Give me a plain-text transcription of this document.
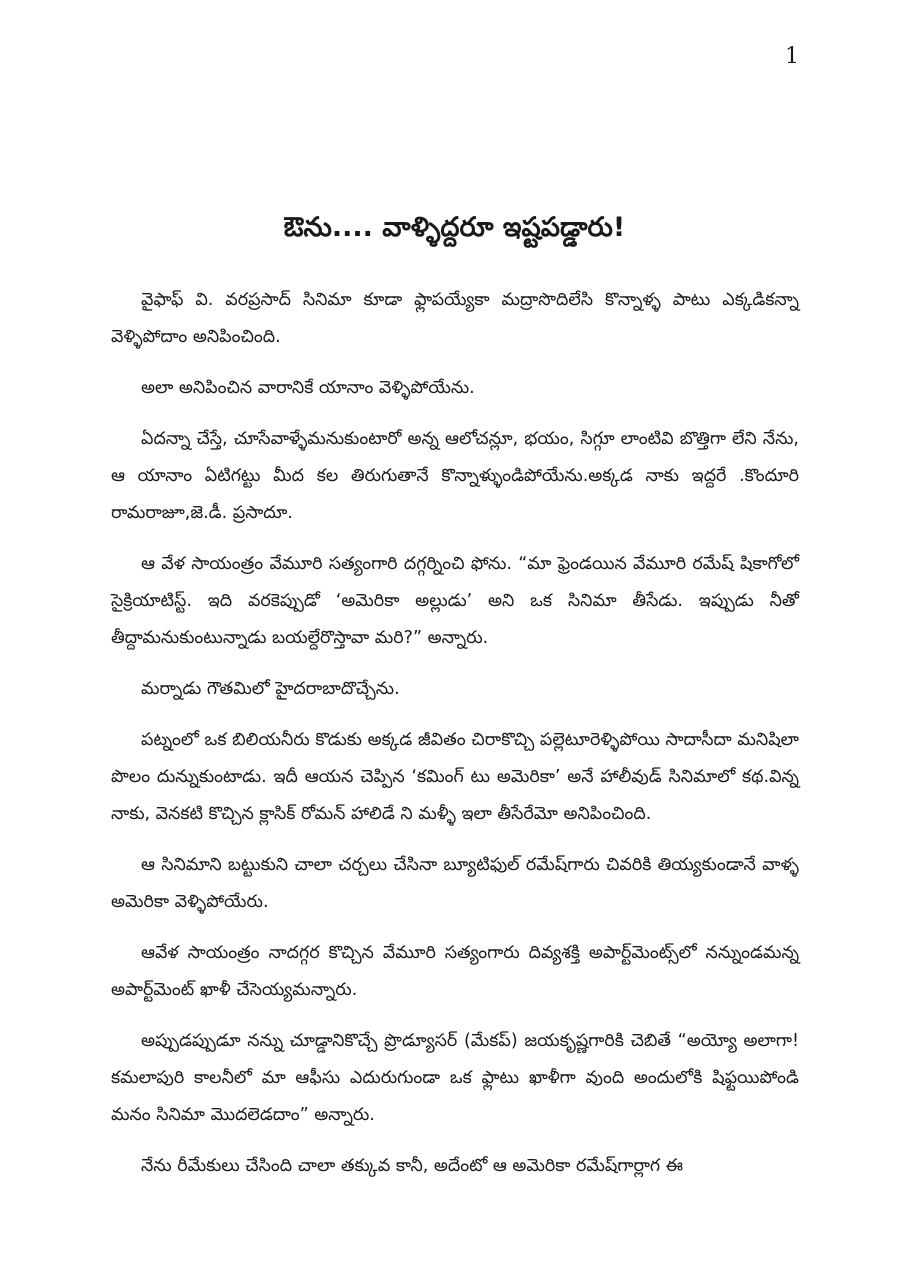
1
ఔను.... వాళ్ళిద్దరూ ఇష్టపడ్డారు!

వైఫాఫ్ వి. వరప్రసాద్ సినిమా కూడా ఫ్లాపయ్యేకా మద్రాసొదిలేసి కొన్నాళ్ళ పాటు ఎక్కడికన్నా వెళ్ళిపోదాం అనిపించింది.

అలా అనిపించిన వారానికే యానాం వెళ్ళిపోయేను.

ఏదన్నా చేస్తే, చూసేవాళ్ళేమనుకుంటారో అన్న ఆలోచన్లూ, భయం, సిగ్గూ లాంటివి బొత్తిగా లేని నేను, ఆ యానాం ఏటిగట్టు మీద కల తిరుగుతానే కొన్నాళ్ళుండిపోయేను.అక్కడ నాకు ఇద్దరే .కొందూరి రామరాజూ,జె.డీ. ప్రసాదూ.

ఆ వేళ సాయంత్రం వేమూరి సత్యంగారి దగ్గర్నించి ఫోను. “మా ఫ్రెండయిన వేమూరి రమేష్ షికాగోలో సైక్రియాటిస్ట్. ఇది వరకెప్పుడో ‘అమెరికా అల్లుడు’ అని ఒక సినిమా తీసేడు. ఇప్పుడు నీతో తీద్దామనుకుంటున్నాడు బయల్దేరొస్తావా మరి?” అన్నారు.

మర్నాడు గౌతమిలో హైదరాబాదొచ్చేను.

పట్నంలో ఒక బిలియనీరు కొడుకు అక్కడ జీవితం చిరాకొచ్చి పల్లెటూరెళ్ళిపోయి సాదాసీదా మనిషిలా పొలం దున్నుకుంటాడు. ఇదీ ఆయన చెప్పిన ‘కమింగ్ టు అమెరికా’ అనే హాలీవుడ్ సినిమాలో కథ.విన్న నాకు, వెనకటి కొచ్చిన క్లాసిక్ రోమన్ హాలిడే ని మళ్ళీ ఇలా తీసేరేమో అనిపించింది.

ఆ సినిమాని బట్టుకుని చాలా చర్చలు చేసినా బ్యూటిఫుల్ రమేష్‌గారు చివరికి తియ్యకుండానే వాళ్ళ అమెరికా వెళ్ళిపోయేరు.

ఆవేళ సాయంత్రం నాదగ్గర కొచ్చిన వేమూరి సత్యంగారు దివ్యశక్తి అపార్ట్‌మెంట్స్‌లో నన్నుండమన్న అపార్ట్‌మెంట్ ఖాళీ చేసెయ్యమన్నారు.

అప్పుడప్పుడూ నన్ను చూడ్డానికొచ్చే ప్రొడ్యూసర్ (మేకప్) జయకృష్ణగారికి చెబితే “అయ్యో అలాగా!కమలాపురి కాలనీలో మా ఆఫీసు ఎదురుగుండా ఒక ఫ్లాటు ఖాళీగా వుంది అందులోకి షిఫ్టయిపోండి మనం సినిమా మొదలెడదాం” అన్నారు.

నేను రీమేకులు చేసింది చాలా తక్కువ కానీ, అదేంటో ఆ అమెరికా రమేష్‌గార్లాగ ఈ
